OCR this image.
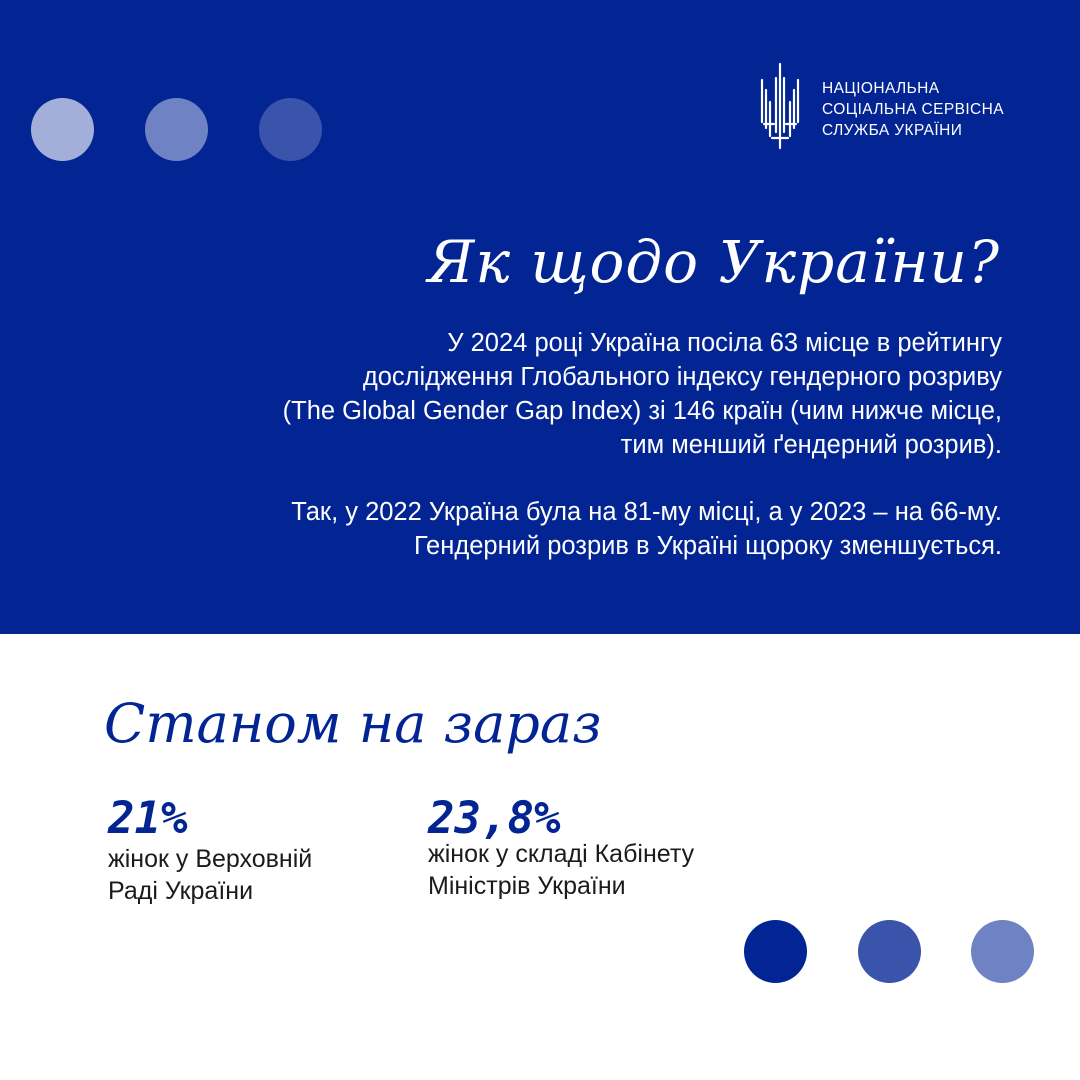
НАЦІОНАЛЬНА
СОЦІАЛЬНА СЕРВІСНА
СЛУЖБА УКРАЇНИ
Як щодо України?
У 2024 році Україна посіла 63 місце в рейтингу
дослідження Глобального індексу гендерного розриву
(The Global Gender Gap Index) зі 146 країн (чим нижче місце,
тим менший ґендерний розрив).
Так, у 2022 Україна була на 81-му місці, а у 2023 – на 66-му.
Гендерний розрив в Україні щороку зменшується.
Станом на зараз
21%
жінок у Верховній
Раді України
23,8%
жінок у складі Кабінету
Міністрів України
